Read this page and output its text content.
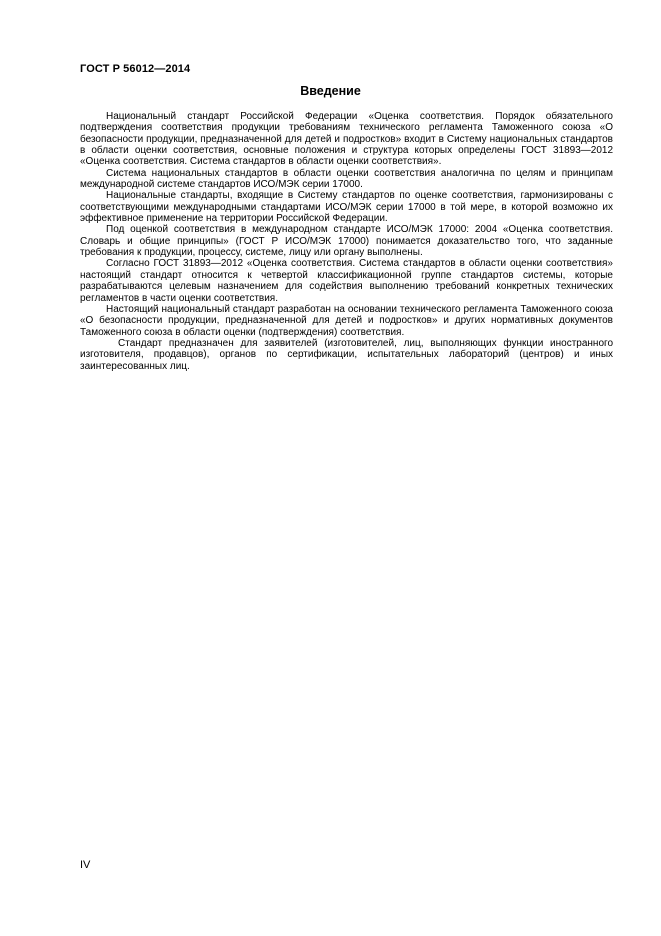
ГОСТ Р 56012—2014
Введение

Национальный стандарт Российской Федерации «Оценка соответствия. Порядок обязательного подтверждения соответствия продукции требованиям технического регламента Таможенного союза «О безопасности продукции, предназначенной для детей и подростков» входит в Систему национальных стандартов в области оценки соответствия, основные положения и структура которых определены ГОСТ 31893—2012 «Оценка соответствия. Система стандартов в области оценки соответствия».

Система национальных стандартов в области оценки соответствия аналогична по целям и принципам международной системе стандартов ИСО/МЭК серии 17000.

Национальные стандарты, входящие в Систему стандартов по оценке соответствия, гармонизированы с соответствующими международными стандартами ИСО/МЭК серии 17000 в той мере, в которой возможно их эффективное применение на территории Российской Федерации.

Под оценкой соответствия в международном стандарте ИСО/МЭК 17000: 2004 «Оценка соответствия. Словарь и общие принципы» (ГОСТ Р ИСО/МЭК 17000) понимается доказательство того, что заданные требования к продукции, процессу, системе, лицу или органу выполнены.

Согласно ГОСТ 31893—2012 «Оценка соответствия. Система стандартов в области оценки соответствия» настоящий стандарт относится к четвертой классификационной группе стандартов системы, которые разрабатываются целевым назначением для содействия выполнению требований конкретных технических регламентов в части оценки соответствия.

Настоящий национальный стандарт разработан на основании технического регламента Таможенного союза «О безопасности продукции, предназначенной для детей и подростков» и других нормативных документов Таможенного союза в области оценки (подтверждения) соответствия.

Стандарт предназначен для заявителей (изготовителей, лиц, выполняющих функции иностранного изготовителя, продавцов), органов по сертификации, испытательных лабораторий (центров) и иных заинтересованных лиц.

IV
